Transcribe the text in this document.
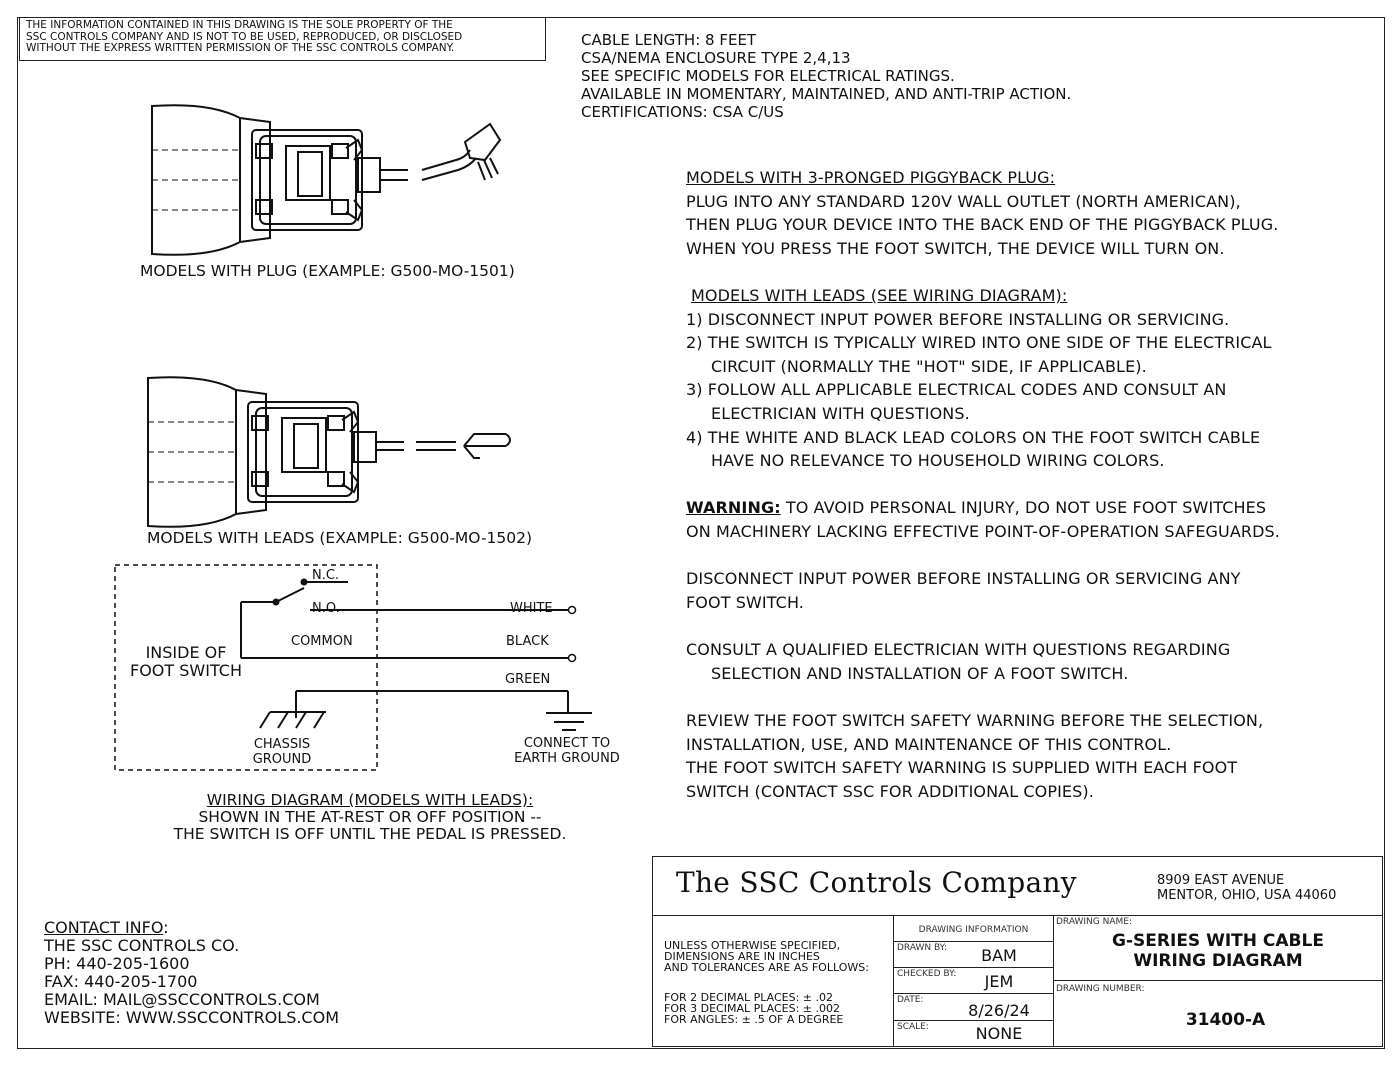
THE INFORMATION CONTAINED IN THIS DRAWING IS THE SOLE PROPERTY OF THE
SSC CONTROLS COMPANY AND IS NOT TO BE USED, REPRODUCED, OR DISCLOSED
WITHOUT THE EXPRESS WRITTEN PERMISSION OF THE SSC CONTROLS COMPANY.	CABLE LENGTH: 8 FEET
CSA/NEMA ENCLOSURE TYPE 2,4,13
SEE SPECIFIC MODELS FOR ELECTRICAL RATINGS.
AVAILABLE IN MOMENTARY, MAINTAINED, AND ANTI-TRIP ACTION.
CERTIFICATIONS: CSA C/US
MODELS WITH PLUG (EXAMPLE: G500-MO-1501)
MODELS WITH LEADS (EXAMPLE: G500-MO-1502)
N.C.
N.O.
COMMON
WHITE
BLACK
GREEN
INSIDE OF
FOOT SWITCH
CHASSIS
GROUND
CONNECT TO
EARTH GROUND
WIRING DIAGRAM (MODELS WITH LEADS):
SHOWN IN THE AT-REST OR OFF POSITION --
THE SWITCH IS OFF UNTIL THE PEDAL IS PRESSED.
MODELS WITH 3-PRONGED PIGGYBACK PLUG:
PLUG INTO ANY STANDARD 120V WALL OUTLET (NORTH AMERICAN),
THEN PLUG YOUR DEVICE INTO THE BACK END OF THE PIGGYBACK PLUG.
WHEN YOU PRESS THE FOOT SWITCH, THE DEVICE WILL TURN ON.
MODELS WITH LEADS (SEE WIRING DIAGRAM):
1) DISCONNECT INPUT POWER BEFORE INSTALLING OR SERVICING.
2) THE SWITCH IS TYPICALLY WIRED INTO ONE SIDE OF THE ELECTRICAL
CIRCUIT (NORMALLY THE "HOT" SIDE, IF APPLICABLE).
3) FOLLOW ALL APPLICABLE ELECTRICAL CODES AND CONSULT AN
ELECTRICIAN WITH QUESTIONS.
4) THE WHITE AND BLACK LEAD COLORS ON THE FOOT SWITCH CABLE
HAVE NO RELEVANCE TO HOUSEHOLD WIRING COLORS.
WARNING: TO AVOID PERSONAL INJURY, DO NOT USE FOOT SWITCHES
ON MACHINERY LACKING EFFECTIVE POINT-OF-OPERATION SAFEGUARDS.
DISCONNECT INPUT POWER BEFORE INSTALLING OR SERVICING ANY
FOOT SWITCH.
CONSULT A QUALIFIED ELECTRICIAN WITH QUESTIONS REGARDING
SELECTION AND INSTALLATION OF A FOOT SWITCH.
REVIEW THE FOOT SWITCH SAFETY WARNING BEFORE THE SELECTION,
INSTALLATION, USE, AND MAINTENANCE OF THIS CONTROL.
THE FOOT SWITCH SAFETY WARNING IS SUPPLIED WITH EACH FOOT
SWITCH (CONTACT SSC FOR ADDITIONAL COPIES).
CONTACT INFO:
THE SSC CONTROLS CO.
PH: 440-205-1600
FAX: 440-205-1700
EMAIL: MAIL@SSCCONTROLS.COM
WEBSITE: WWW.SSCCONTROLS.COM
The SSC Controls Company	8909 EAST AVENUE
MENTOR, OHIO, USA 44060
UNLESS OTHERWISE SPECIFIED,
DIMENSIONS ARE IN INCHES
AND TOLERANCES ARE AS FOLLOWS:
FOR 2 DECIMAL PLACES: ± .02
FOR 3 DECIMAL PLACES: ± .002
FOR ANGLES: ± .5 OF A DEGREE
DRAWING INFORMATION
DRAWN BY:	BAM
CHECKED BY:	JEM
DATE:
8/26/24
SCALE:	NONE
DRAWING NAME:
G-SERIES WITH CABLE
WIRING DIAGRAM
DRAWING NUMBER:
31400-A
